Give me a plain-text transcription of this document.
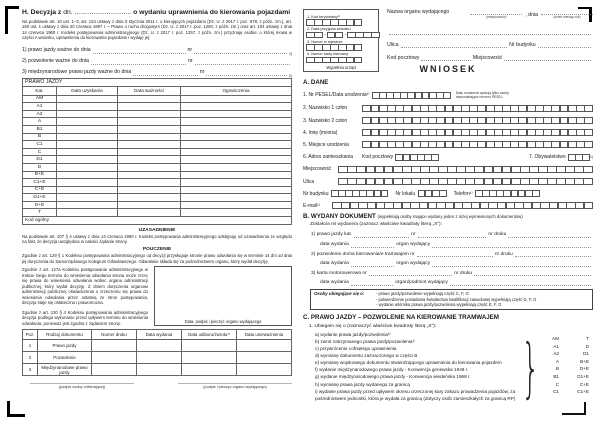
H. Decyzja z dn. .............................. o wydaniu uprawnienia do kierowania pojazdami
Na podstawie art. 10 ust. 1–3, art. 124 ustawy z dnia 5 stycznia 2011 r. o kierujących pojazdami (Dz. U. z 2017 r. poz. 978, z późn. zm.), art. 150 ust. 1 ustawy z dnia 20 czerwca 1997 r. – Prawo o ruchu drogowym (Dz. U. z 2017 r. poz. 1260, z późn. zm.) oraz art. 104 ustawy z dnia 14 czerwca 1960 r. Kodeks postępowania administracyjnego (Dz. U. z 2017 r. poz. 1257, z późn. zm.) przyznaję osobie, o której mowa w części A wniosku, uprawnienia do kierowania pojazdami i wydaję jej:
1) prawo jazdy ważne do dnia	nr
2)
2) pozwolenie ważne do dnia	nr
3) międzynarodowe prawo jazdy ważne do dnia	nr
2)
PRAWO JAZDY			
Kat.	Data uzyskania	Data ważności	Ograniczenia
AM			
A1			
A2			
A			
B1			
B			
C1			
C			
D1			
D			
B+E			
C1+E			
C+E			
D1+E			
D+E			
T			
Kod ogólny			
UZASADNIENIE
Na podstawie art. 107 § 4 ustawy z dnia 14 czerwca 1960 r. Kodeks postępowania administracyjnego odstępuję od uzasadnienia ze względu na fakt, że decyzja uwzględnia w całości żądanie strony.
POUCZENIE
Zgodnie z art. 129 § 1 Kodeksu postępowania administracyjnego od decyzji przysługuje stronie prawo odwołania się w terminie 14 dni od dnia jej doręczenia do Samorządowego Kolegium Odwoławczego. Odwołanie składa się za pośrednictwem organu, który wydał decyzję.
Zgodnie z art. 127a Kodeksu postępowania administracyjnego w trakcie biegu terminu do wniesienia odwołania strona może zrzec się prawa do wniesienia odwołania wobec organu administracji publicznej, który wydał decyzję. Z dniem doręczenia organowi administracji publicznej oświadczenia o zrzeczeniu się prawa do wniesienia odwołania przez ostatnią ze stron postępowania, decyzja staje się ostateczna i prawomocna.
Zgodnie z art. 130 § 4 Kodeksu postępowania administracyjnego decyzja podlega wykonaniu przed upływem terminu do wniesienia odwołania, ponieważ jest zgodna z żądaniem strony.	Data, podpis i pieczęć organu wydającego
Poz.	Rodzaj dokumentu	Numer druku	Data wydania	Data odbioru/zwrotu¹⁾	Data unieważnienia
1	Prawo jazdy				
2	Pozwolenie				
3	Międzynarodowe prawo jazdy				
(podpis osoby odbierającej)	(podpis i pieczęć organu wydającego)
1. Kod terytorialny¹⁾
2. Data przyjęcia wniosku
-	-
3. Numer w rejestrze
4. Numer karty kierowcy
Wypełnia urząd
Nazwa organu wydającego
(miejscowość)	, dnia	(dzień-miesiąc-rok)
Ulica	Nr budynku
Kod pocztowy	Miejscowość
WNIOSEK
A. DANE
1. Nr PESEL/Data urodzenia¹⁾	Datę urodzenia wpisują tylko osoby nieposiadające numeru PESEL.
2. Nazwisko 1 człon
3. Nazwisko 2 człon
4. Imię (imiona)
5. Miejsce urodzenia
6. Adres zamieszkania Kod pocztowy	7. Obywatelstwo	1)
Miejscowość
Ulica
Nr budynku	Nr lokalu	Telefon¹⁾
E-mail¹⁾
B. WYDANY DOKUMENT (wypełniają osoby mające wydany jeden z niżej wymienionych dokumentów)
Zostało/a mi wydane/a (zaznacz właściwe kwadraty literą „X”):
1) prawo jazdy kat.	nr	nr druku
data wydania	organ wydający
2) pozwolenie do/na kierowania/e tramwajem nr	nr druku
data wydania	organ wydający
3) karta motorowerowa nr	nr druku
data wydania	organ/podmiot wydający
Osoby ubiegające się o:	- prawo jazdy/pozwolenie wypełniają część C, F, G
- potwierdzenie posiadania świadectwa kwalifikacji zawodowej wypełniają część D, F, G
- wydanie wtórnika prawa jazdy/pozwolenia wypełniają część E, F, G
C. PRAWO JAZDY – POZWOLENIE NA KIEROWANIE TRAMWAJEM
1. Ubiegam się o (zaznaczyć właściwe kwadraty literą „X”):
a) wydanie prawa jazdy/pozwolenia²⁾
b) zwrot zatrzymanego prawa jazdy/pozwolenia¹⁾
c) przywrócenie cofniętego uprawnienia
d) wymianę dokumentu zaznaczonego w części B
e) wymianę wojskowego dokumentu stwierdzającego uprawnienia do kierowania pojazdem
f) wydanie międzynarodowego prawa jazdy - Konwencja genewska 1949 r.
g) wydanie międzynarodowego prawa jazdy - Konwencja wiedeńska 1968 r.
h) wymianę prawa jazdy wydanego za granicą
i) wydanie prawa jazdy przed upływem okresu orzeczonej kary zakazu prowadzenia pojazdów, za pośrednictwem jednostki, która je wydała za granicą (dotyczy osób zamieszkałych za granicą RP) }	AM	T
A1	D
A2	D1
A	B+E
B	D+E
B1	D1+E
C	C+E
C1	C1+E
